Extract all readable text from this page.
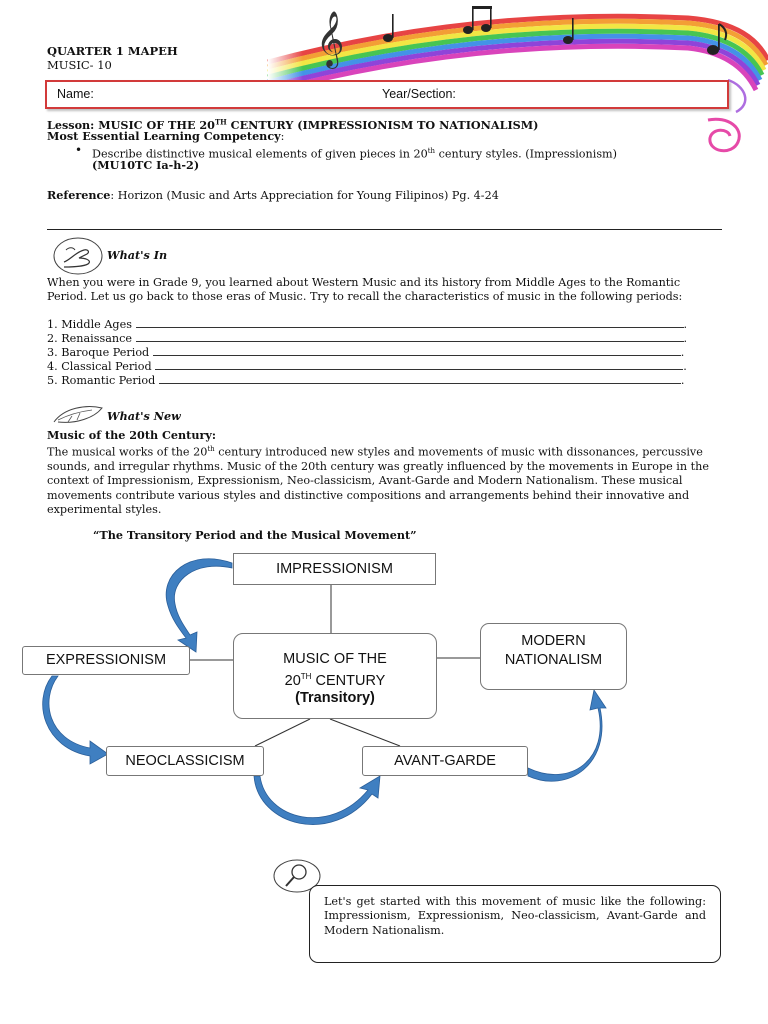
𝄞
QUARTER 1 MAPEH
MUSIC- 10
Name:	Year/Section:
Lesson: MUSIC OF THE 20TH CENTURY (IMPRESSIONISM TO NATIONALISM)
Most Essential Learning Competency:
• Describe distinctive musical elements of given pieces in 20th century styles. (Impressionism)
(MU10TC Ia-h-2)
Reference: Horizon (Music and Arts Appreciation for Young Filipinos) Pg. 4-24
What's In
When you were in Grade 9, you learned about Western Music and its history from Middle Ages to the Romantic Period. Let us go back to those eras of Music. Try to recall the characteristics of music in the following periods:
1. Middle Ages	.
2. Renaissance	.
3. Baroque Period	.
4. Classical Period	.
5. Romantic Period	.
What's New
Music of the 20th Century:
The musical works of the 20th century introduced new styles and movements of music with dissonances, percussive sounds, and irregular rhythms. Music of the 20th century was greatly influenced by the movements in Europe in the context of Impressionism, Expressionism, Neo-classicism, Avant-Garde and Modern Nationalism. These musical movements contribute various styles and distinctive compositions and arrangements behind their innovative and experimental styles.
“The Transitory Period and the Musical Movement”
IMPRESSIONISM
EXPRESSIONISM	MUSIC OF THE
20TH CENTURY
(Transitory)
MODERN
NATIONALISM
NEOCLASSICISM	AVANT-GARDE
Let's get started with this movement of music like the following: Impressionism, Expressionism, Neo-classicism, Avant-Garde and Modern Nationalism.
